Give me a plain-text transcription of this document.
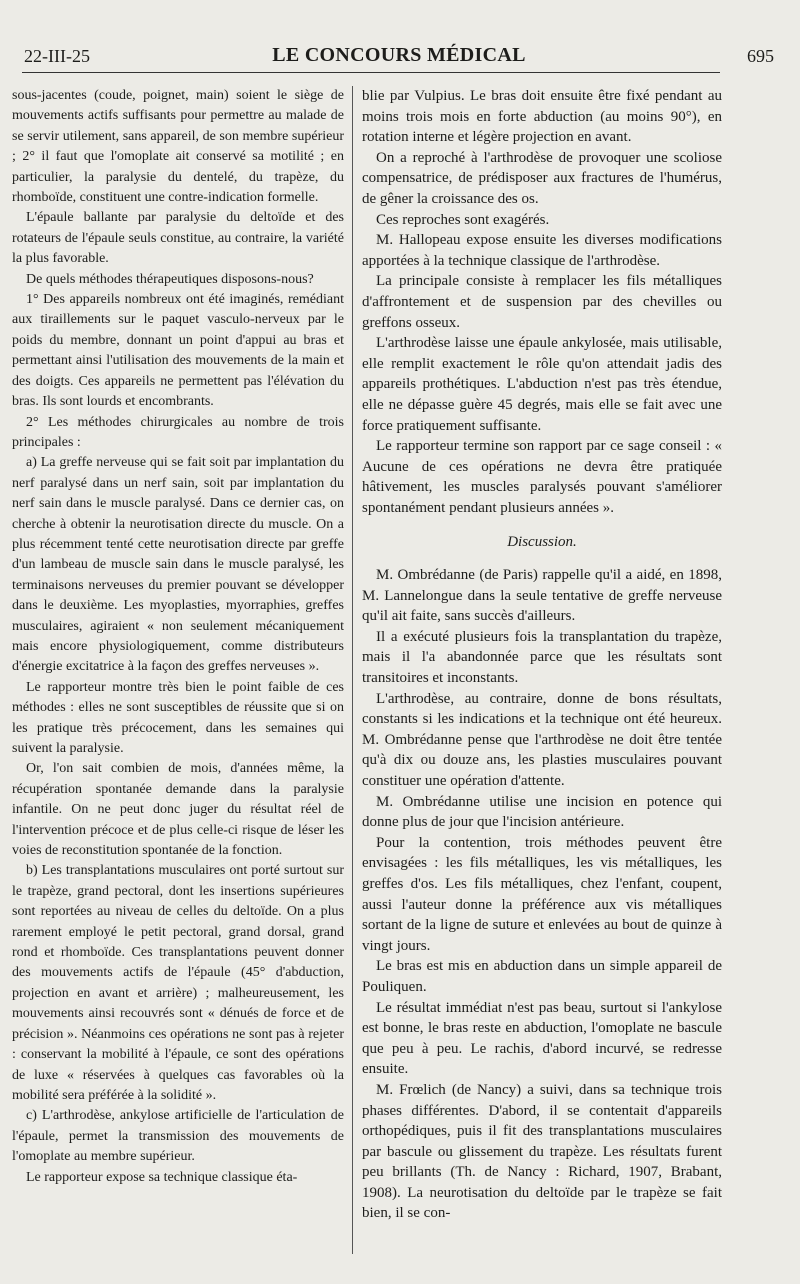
22-III-25	LE CONCOURS MÉDICAL	695

sous-jacentes (coude, poignet, main) soient le siège de mouvements actifs suffisants pour permettre au malade de se servir utilement, sans appareil, de son membre supérieur ; 2° il faut que l'omoplate ait conservé sa motilité ; en particulier, la paralysie du dentelé, du trapèze, du rhomboïde, constituent une contre-indication formelle.

L'épaule ballante par paralysie du deltoïde et des rotateurs de l'épaule seuls constitue, au contraire, la variété la plus favorable.

De quels méthodes thérapeutiques disposons-nous?

1° Des appareils nombreux ont été imaginés, remédiant aux tiraillements sur le paquet vasculo-nerveux par le poids du membre, donnant un point d'appui au bras et permettant ainsi l'utilisation des mouvements de la main et des doigts. Ces appareils ne permettent pas l'élévation du bras. Ils sont lourds et encombrants.

2° Les méthodes chirurgicales au nombre de trois principales :

a) La greffe nerveuse qui se fait soit par implantation du nerf paralysé dans un nerf sain, soit par implantation du nerf sain dans le muscle paralysé. Dans ce dernier cas, on cherche à obtenir la neurotisation directe du muscle. On a plus récemment tenté cette neurotisation directe par greffe d'un lambeau de muscle sain dans le muscle paralysé, les terminaisons nerveuses du premier pouvant se développer dans le deuxième. Les myoplasties, myorraphies, greffes musculaires, agiraient « non seulement mécaniquement mais encore physiologiquement, comme distributeurs d'énergie excitatrice à la façon des greffes nerveuses ».

Le rapporteur montre très bien le point faible de ces méthodes : elles ne sont susceptibles de réussite que si on les pratique très précocement, dans les semaines qui suivent la paralysie.

Or, l'on sait combien de mois, d'années même, la récupération spontanée demande dans la paralysie infantile. On ne peut donc juger du résultat réel de l'intervention précoce et de plus celle-ci risque de léser les voies de reconstitution spontanée de la fonction.

b) Les transplantations musculaires ont porté surtout sur le trapèze, grand pectoral, dont les insertions supérieures sont reportées au niveau de celles du deltoïde. On a plus rarement employé le petit pectoral, grand dorsal, grand rond et rhomboïde. Ces transplantations peuvent donner des mouvements actifs de l'épaule (45° d'abduction, projection en avant et arrière) ; malheureusement, les mouvements ainsi recouvrés sont « dénués de force et de précision ». Néanmoins ces opérations ne sont pas à rejeter : conservant la mobilité à l'épaule, ce sont des opérations de luxe « réservées à quelques cas favorables où la mobilité sera préférée à la solidité ».

c) L'arthrodèse, ankylose artificielle de l'articulation de l'épaule, permet la transmission des mouvements de l'omoplate au membre supérieur.

Le rapporteur expose sa technique classique éta-

blie par Vulpius. Le bras doit ensuite être fixé pendant au moins trois mois en forte abduction (au moins 90°), en rotation interne et légère projection en avant.

On a reproché à l'arthrodèse de provoquer une scoliose compensatrice, de prédisposer aux fractures de l'humérus, de gêner la croissance des os.

Ces reproches sont exagérés.

M. Hallopeau expose ensuite les diverses modifications apportées à la technique classique de l'arthrodèse.

La principale consiste à remplacer les fils métalliques d'affrontement et de suspension par des chevilles ou greffons osseux.

L'arthrodèse laisse une épaule ankylosée, mais utilisable, elle remplit exactement le rôle qu'on attendait jadis des appareils prothétiques. L'abduction n'est pas très étendue, elle ne dépasse guère 45 degrés, mais elle se fait avec une force pratiquement suffisante.

Le rapporteur termine son rapport par ce sage conseil : « Aucune de ces opérations ne devra être pratiquée hâtivement, les muscles paralysés pouvant s'améliorer spontanément pendant plusieurs années ».

Discussion.

M. Ombrédanne (de Paris) rappelle qu'il a aidé, en 1898, M. Lannelongue dans la seule tentative de greffe nerveuse qu'il ait faite, sans succès d'ailleurs.

Il a exécuté plusieurs fois la transplantation du trapèze, mais il l'a abandonnée parce que les résultats sont transitoires et inconstants.

L'arthrodèse, au contraire, donne de bons résultats, constants si les indications et la technique ont été heureux. M. Ombrédanne pense que l'arthrodèse ne doit être tentée qu'à dix ou douze ans, les plasties musculaires pouvant constituer une opération d'attente.

M. Ombrédanne utilise une incision en potence qui donne plus de jour que l'incision antérieure.

Pour la contention, trois méthodes peuvent être envisagées : les fils métalliques, les vis métalliques, les greffes d'os. Les fils métalliques, chez l'enfant, coupent, aussi l'auteur donne la préférence aux vis métalliques sortant de la ligne de suture et enlevées au bout de quinze à vingt jours.

Le bras est mis en abduction dans un simple appareil de Pouliquen.

Le résultat immédiat n'est pas beau, surtout si l'ankylose est bonne, le bras reste en abduction, l'omoplate ne bascule que peu à peu. Le rachis, d'abord incurvé, se redresse ensuite.

M. Frœlich (de Nancy) a suivi, dans sa technique trois phases différentes. D'abord, il se contentait d'appareils orthopédiques, puis il fit des transplantations musculaires par bascule ou glissement du trapèze. Les résultats furent peu brillants (Th. de Nancy : Richard, 1907, Brabant, 1908). La neurotisation du deltoïde par le trapèze se fait bien, il se con-
